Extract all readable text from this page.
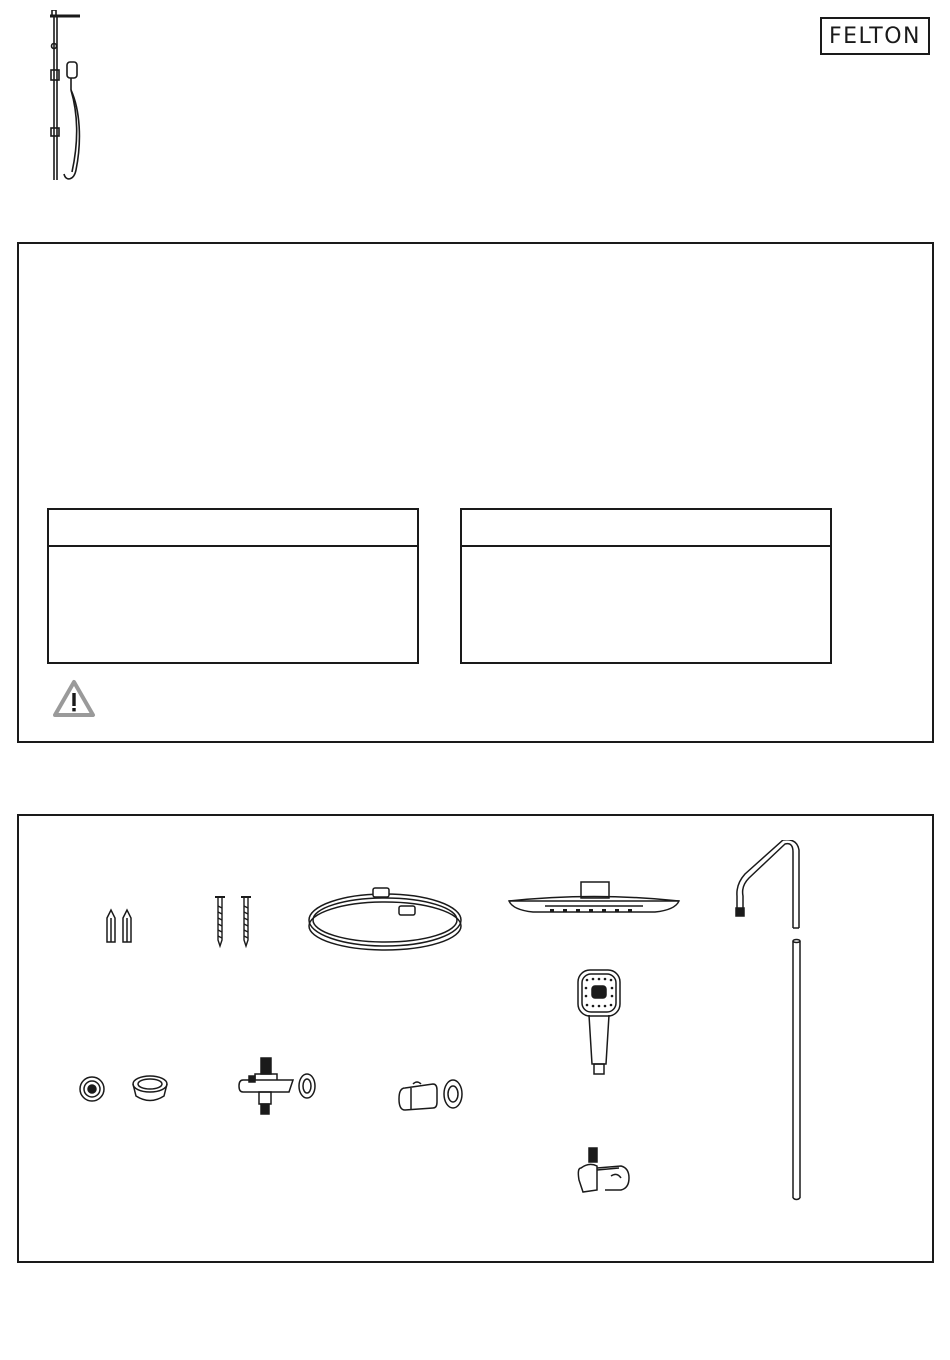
FELTON
